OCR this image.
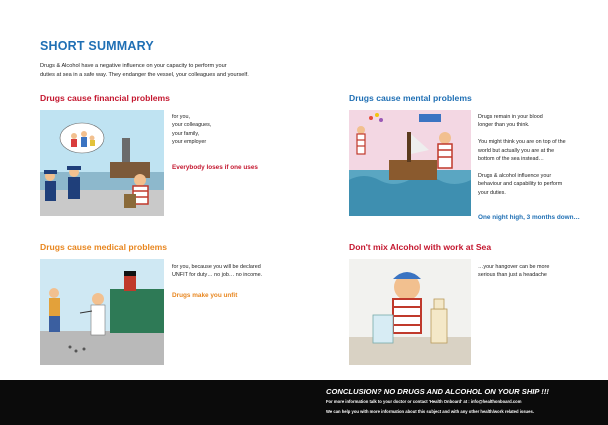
SHORT SUMMARY
Drugs & Alcohol have a negative influence on your capacity to perform your
duties at sea in a safe way. They endanger the vessel, your colleagues and yourself.
Drugs cause financial problems
for you,
your colleagues,
your family,
your employer
Everybody loses if one uses
Drugs cause mental problems
Drugs remain in your blood
longer than you think.
You might think you are on top of the
world but actually you are at the
bottom of the sea instead…
Drugs & alcohol influence your
behaviour and capability to perform
your duties.
One night high, 3 months down…
Drugs cause medical problems
for you, because you will be declared
UNFIT for duty… no job… no income.
Drugs make you unfit
Don't mix Alcohol with work at Sea
…your hangover can be more
serious than just a headache
CONCLUSION? NO DRUGS AND ALCOHOL ON YOUR SHIP !!!
For more information talk to your doctor or contact 'Health Onboard' at : info@healthonboard.com
We can help you with more information about this subject and with any other health/work related issues.
